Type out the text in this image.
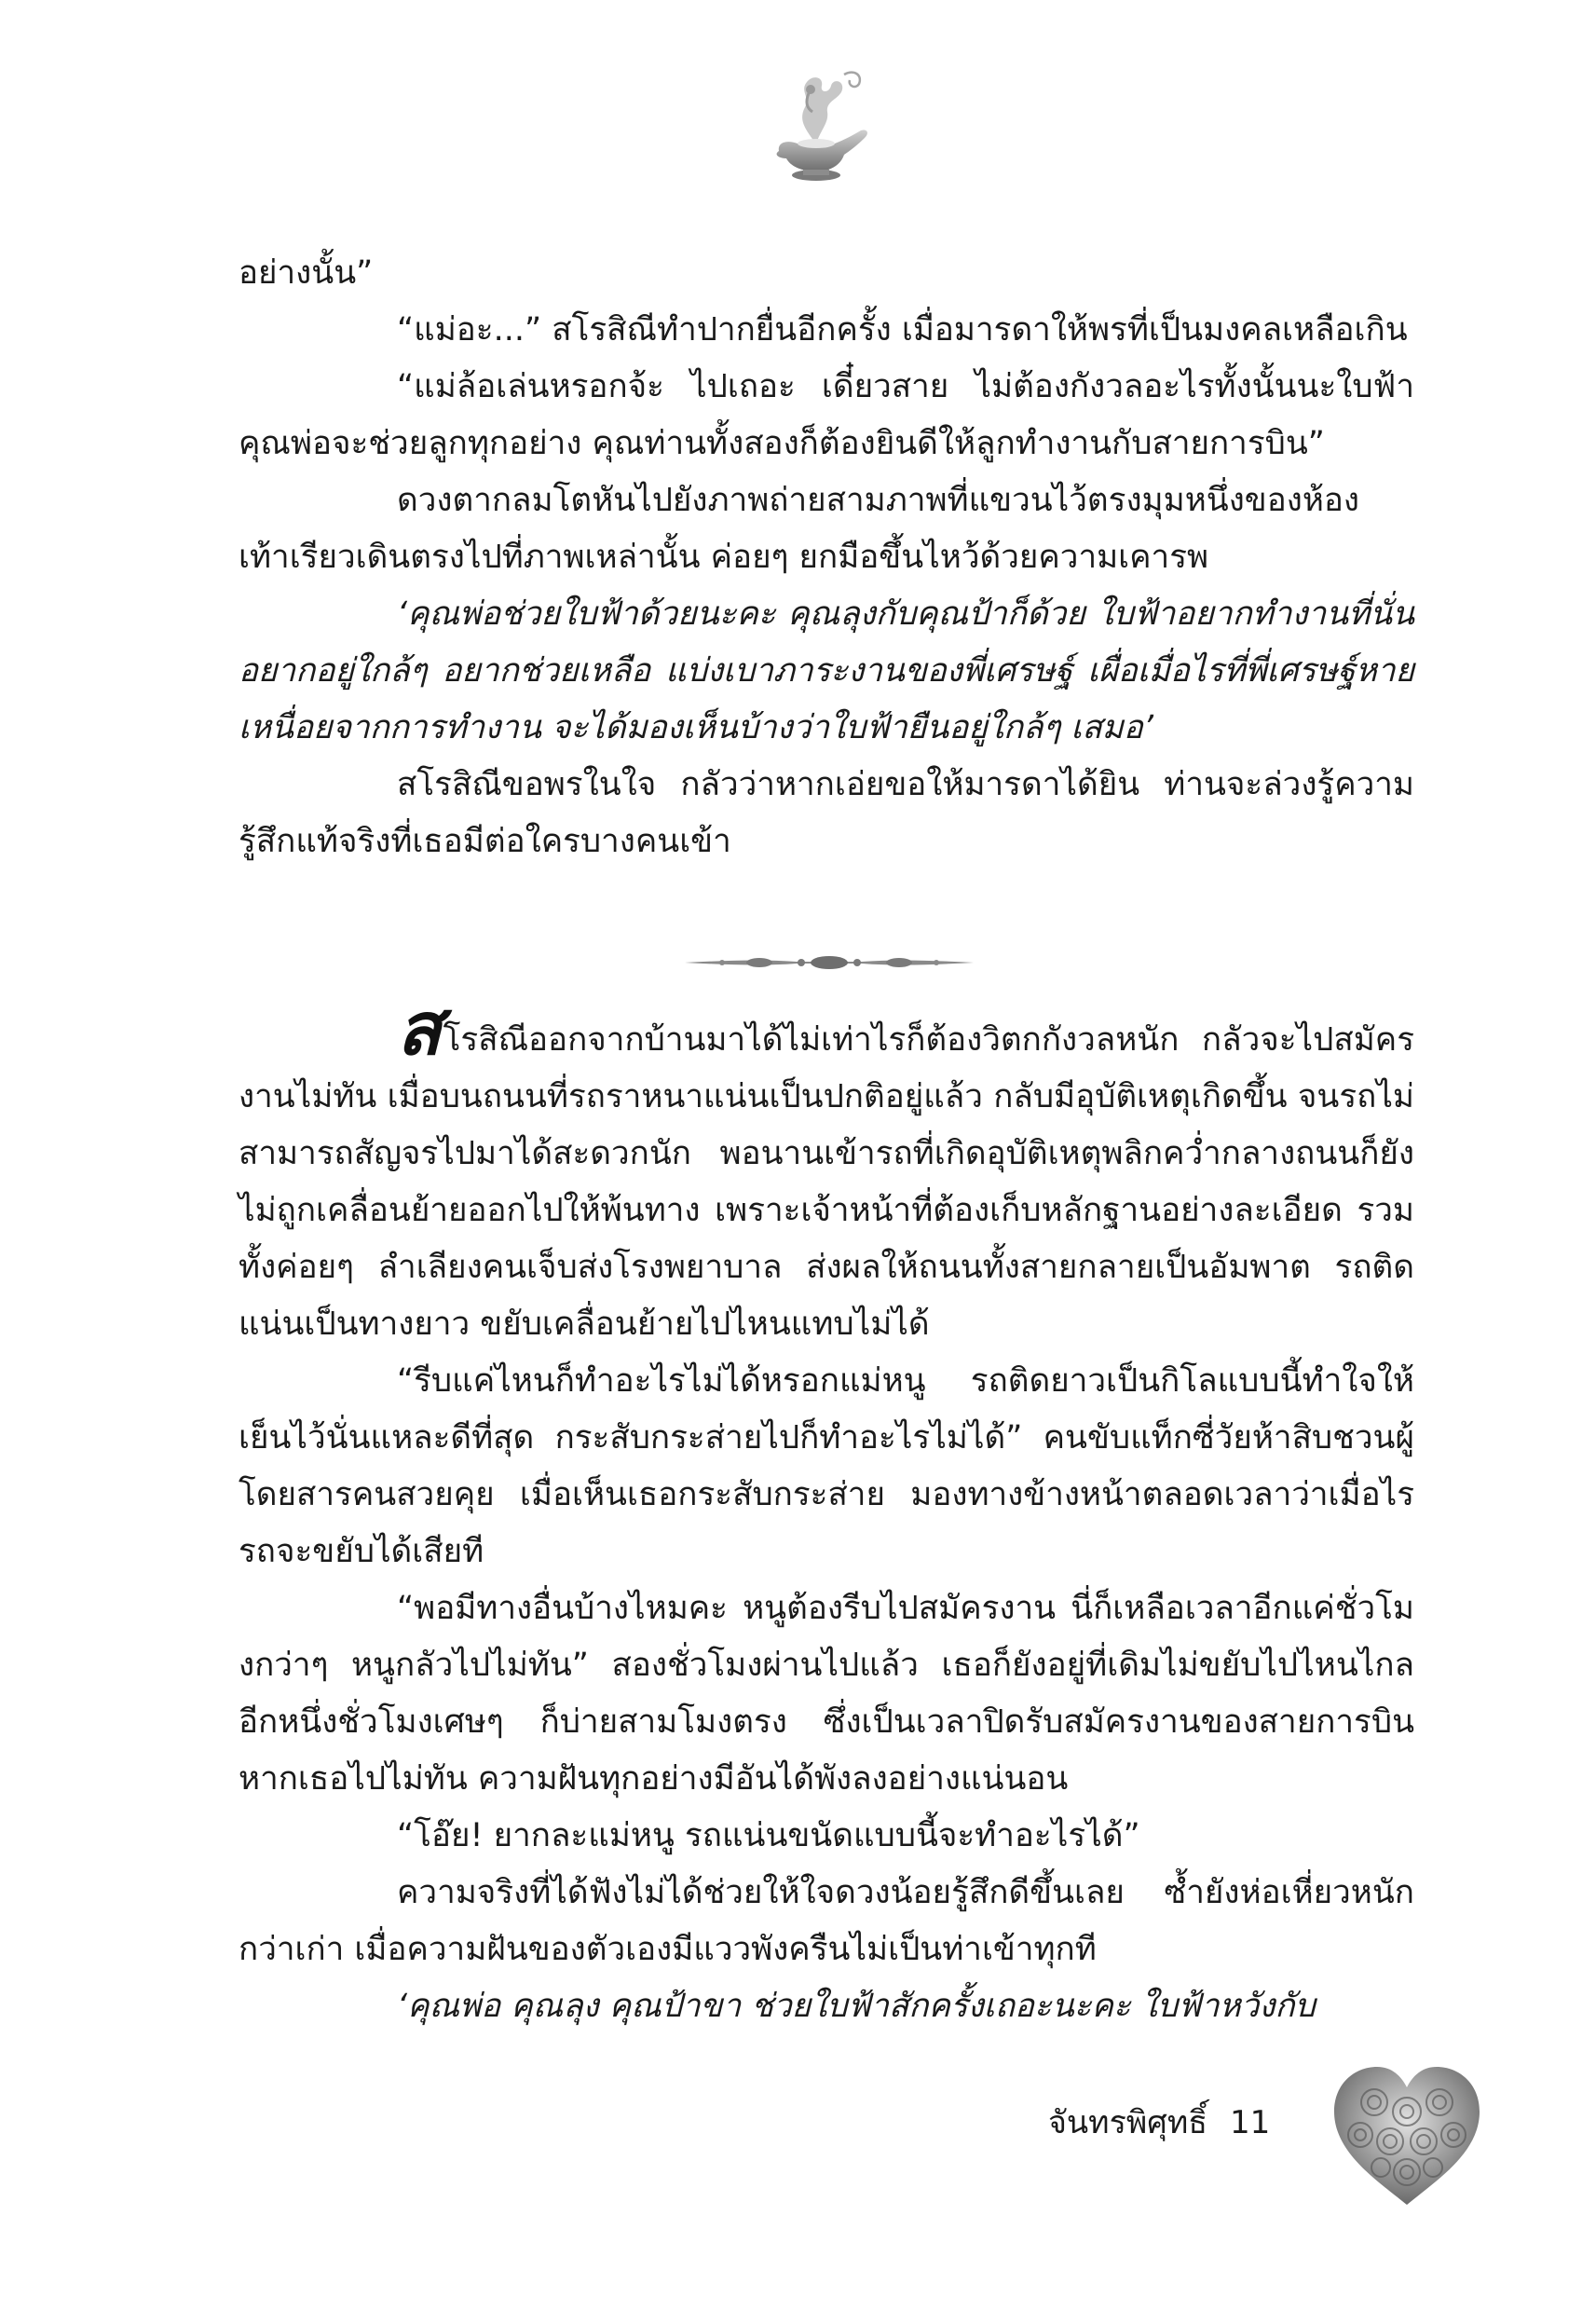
อย่างนั้น”

“แม่อะ...” สโรสิณีทำปากยื่นอีกครั้ง เมื่อมารดาให้พรที่เป็นมงคลเหลือเกิน

“แม่ล้อเล่นหรอกจ้ะ ไปเถอะ เดี๋ยวสาย ไม่ต้องกังวลอะไรทั้งนั้นนะใบฟ้า คุณพ่อจะช่วยลูกทุกอย่าง คุณท่านทั้งสองก็ต้องยินดีให้ลูกทำงานกับสายการบิน”

ดวงตากลมโตหันไปยังภาพถ่ายสามภาพที่แขวนไว้ตรงมุมหนึ่งของห้อง เท้าเรียวเดินตรงไปที่ภาพเหล่านั้น ค่อยๆ ยกมือขึ้นไหว้ด้วยความเคารพ

‘คุณพ่อช่วยใบฟ้าด้วยนะคะ คุณลุงกับคุณป้าก็ด้วย ใบฟ้าอยากทำงานที่นั่น อยากอยู่ใกล้ๆ อยากช่วยเหลือ แบ่งเบาภาระงานของพี่เศรษฐ์ เผื่อเมื่อไรที่พี่เศรษฐ์หายเหนื่อยจากการทำงาน จะได้มองเห็นบ้างว่าใบฟ้ายืนอยู่ใกล้ๆ เสมอ’

สโรสิณีขอพรในใจ กลัวว่าหากเอ่ยขอให้มารดาได้ยิน ท่านจะล่วงรู้ความรู้สึกแท้จริงที่เธอมีต่อใครบางคนเข้า

สโรสิณีออกจากบ้านมาได้ไม่เท่าไรก็ต้องวิตกกังวลหนัก กลัวจะไปสมัครงานไม่ทัน เมื่อบนถนนที่รถราหนาแน่นเป็นปกติอยู่แล้ว กลับมีอุบัติเหตุเกิดขึ้น จนรถไม่สามารถสัญจรไปมาได้สะดวกนัก พอนานเข้ารถที่เกิดอุบัติเหตุพลิกคว่ำกลางถนนก็ยังไม่ถูกเคลื่อนย้ายออกไปให้พ้นทาง เพราะเจ้าหน้าที่ต้องเก็บหลักฐานอย่างละเอียด รวมทั้งค่อยๆ ลำเลียงคนเจ็บส่งโรงพยาบาล ส่งผลให้ถนนทั้งสายกลายเป็นอัมพาต รถติดแน่นเป็นทางยาว ขยับเคลื่อนย้ายไปไหนแทบไม่ได้

“รีบแค่ไหนก็ทำอะไรไม่ได้หรอกแม่หนู รถติดยาวเป็นกิโลแบบนี้ทำใจให้เย็นไว้นั่นแหละดีที่สุด กระสับกระส่ายไปก็ทำอะไรไม่ได้” คนขับแท็กซี่วัยห้าสิบชวนผู้โดยสารคนสวยคุย เมื่อเห็นเธอกระสับกระส่าย มองทางข้างหน้าตลอดเวลาว่าเมื่อไรรถจะขยับได้เสียที

“พอมีทางอื่นบ้างไหมคะ หนูต้องรีบไปสมัครงาน นี่ก็เหลือเวลาอีกแค่ชั่วโมงกว่าๆ หนูกลัวไปไม่ทัน” สองชั่วโมงผ่านไปแล้ว เธอก็ยังอยู่ที่เดิมไม่ขยับไปไหนไกล อีกหนึ่งชั่วโมงเศษๆ ก็บ่ายสามโมงตรง ซึ่งเป็นเวลาปิดรับสมัครงานของสายการบิน หากเธอไปไม่ทัน ความฝันทุกอย่างมีอันได้พังลงอย่างแน่นอน

“โอ๊ย! ยากละแม่หนู รถแน่นขนัดแบบนี้จะทำอะไรได้”

ความจริงที่ได้ฟังไม่ได้ช่วยให้ใจดวงน้อยรู้สึกดีขึ้นเลย ซ้ำยังห่อเหี่ยวหนักกว่าเก่า เมื่อความฝันของตัวเองมีแววพังครืนไม่เป็นท่าเข้าทุกที

‘คุณพ่อ คุณลุง คุณป้าขา ช่วยใบฟ้าสักครั้งเถอะนะคะ ใบฟ้าหวังกับ

จันทรพิศุทธิ์ 11
